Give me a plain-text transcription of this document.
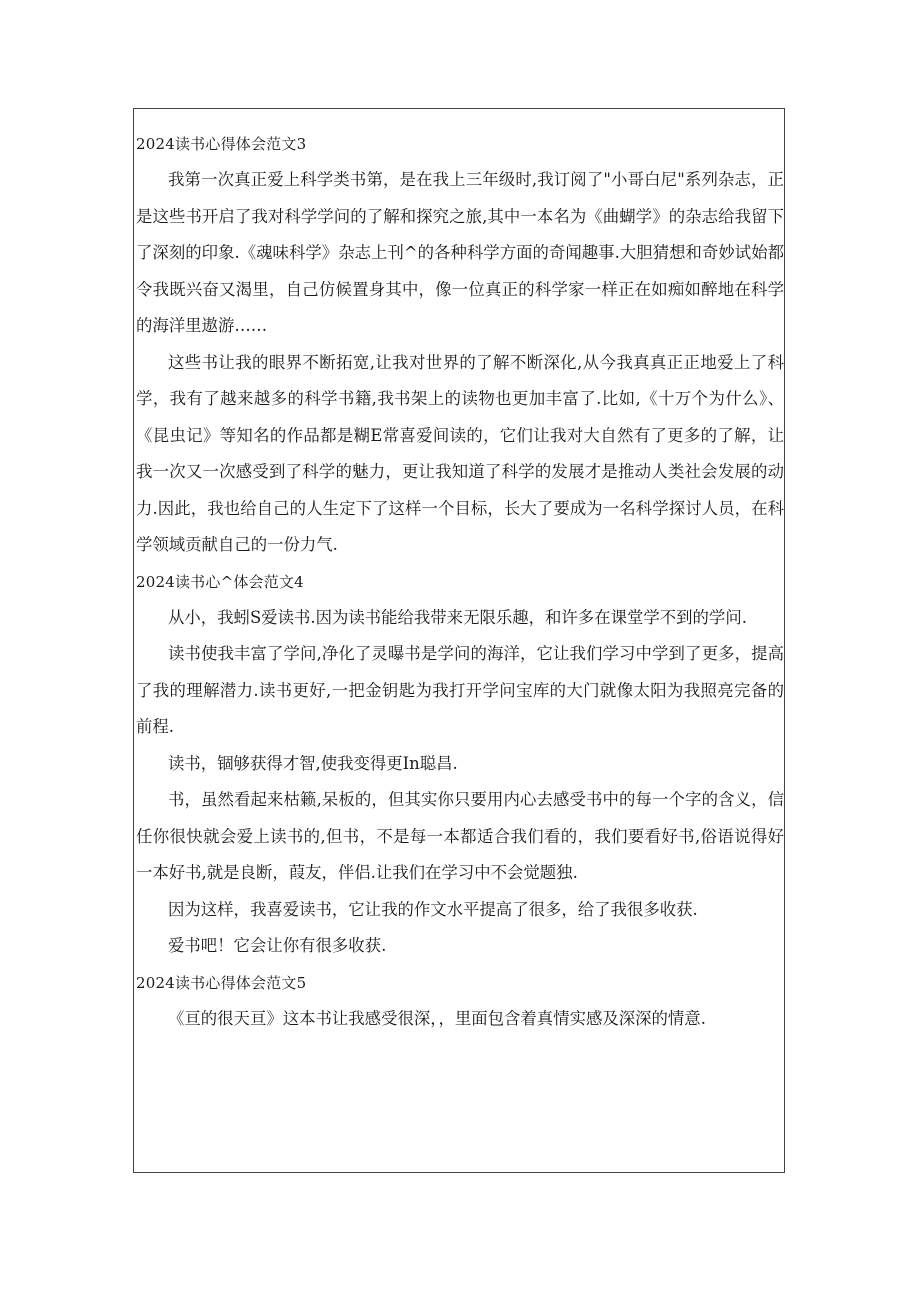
2024读书心得体会范文3

我第一次真正爱上科学类书第，是在我上三年级时,我订阅了"小哥白尼"系列杂志，正是这些书开启了我对科学学问的了解和探究之旅,其中一本名为《曲蝴学》的杂志给我留下了深刻的印象.《魂味科学》杂志上刊^的各种科学方面的奇闻趣事.大胆猜想和奇妙试始都令我既兴奋又渴里，自己仿候置身其中，像一位真正的科学家一样正在如痴如醉地在科学的海洋里遨游……

这些书让我的眼界不断拓宽,让我对世界的了解不断深化,从今我真真正正地爱上了科学，我有了越来越多的科学书籍,我书架上的读物也更加丰富了.比如,《十万个为什么》、《昆虫记》等知名的作品都是糊E常喜爱间读的，它们让我对大自然有了更多的了解，让我一次又一次感受到了科学的魅力，更让我知道了科学的发展才是推动人类社会发展的动力.因此，我也给自己的人生定下了这样一个目标，长大了要成为一名科学探讨人员，在科学领域贡献自己的一份力气.

2024读书心^体会范文4

从小，我蚓S爱读书.因为读书能给我带来无限乐趣，和许多在课堂学不到的学问.

读书使我丰富了学问,净化了灵曝书是学问的海洋，它让我们学习中学到了更多，提高了我的理解潜力.读书更好,一把金钥匙为我打开学问宝库的大门就像太阳为我照亮完备的前程.

读书，锢够获得才智,使我变得更In聪昌.

书，虽然看起来枯籁,呆板的，但其实你只要用内心去感受书中的每一个字的含义，信任你很快就会爱上读书的,但书，不是每一本都适合我们看的，我们要看好书,俗语说得好一本好书,就是良断，葭友，伴侣.让我们在学习中不会觉题独.

因为这样，我喜爱读书，它让我的作文水平提高了很多，给了我很多收获.

爱书吧！它会让你有很多收获.

2024读书心得体会范文5

《亘的很天亘》这本书让我感受很深，，里面包含着真情实感及深深的情意.
